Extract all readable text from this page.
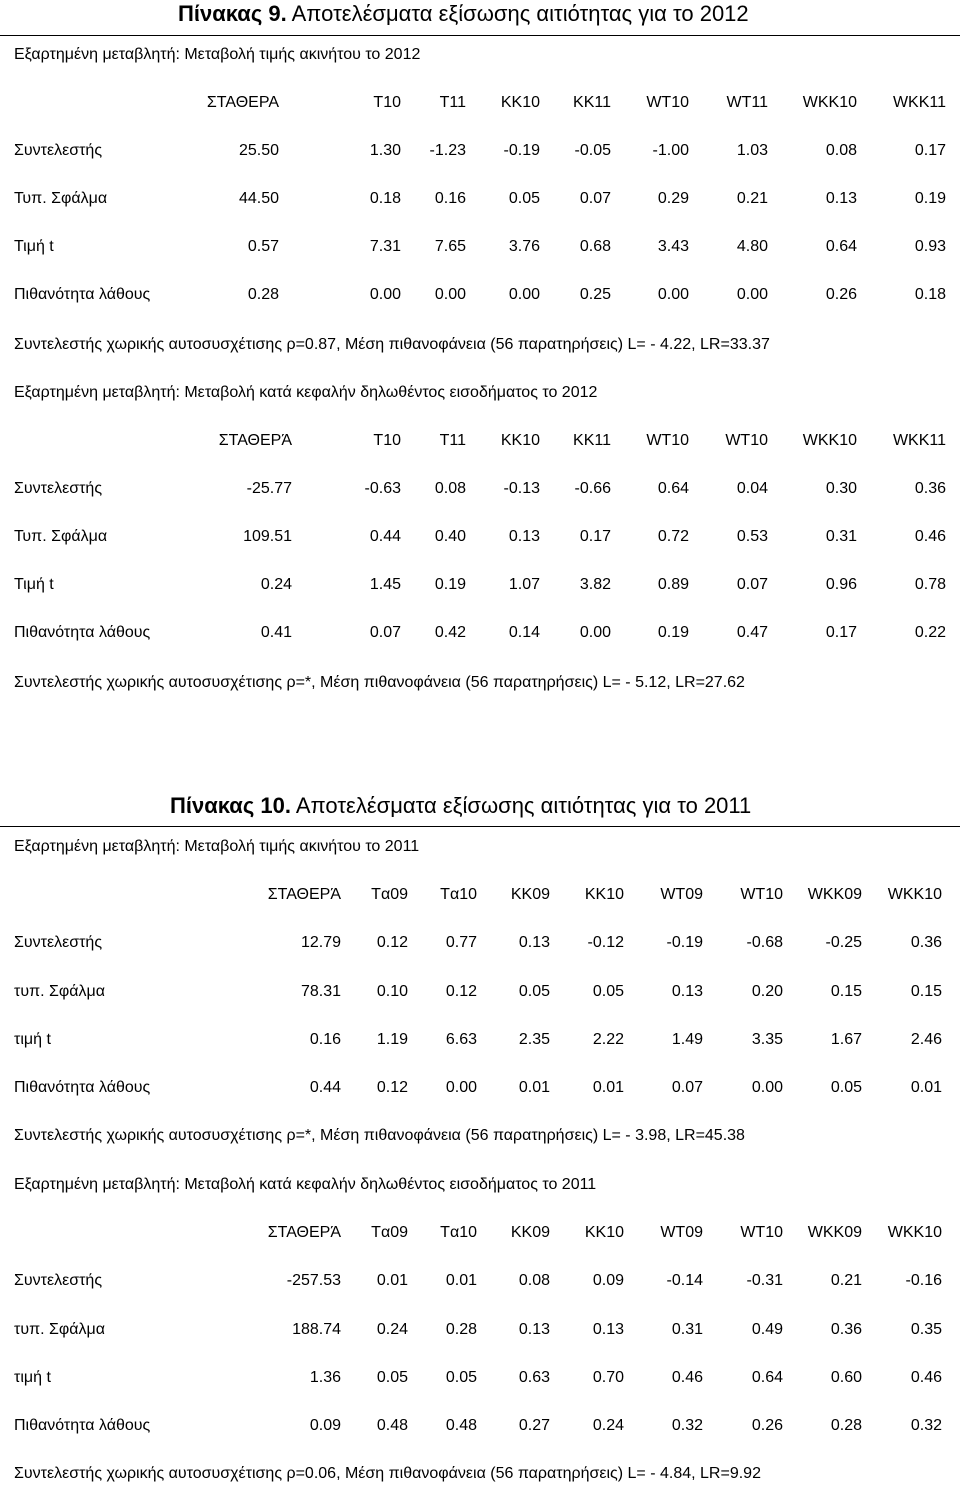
Πίνακας 9. Αποτελέσματα εξίσωσης αιτιότητας για το 2012
Εξαρτημένη μεταβλητή: Μεταβολή τιμής ακινήτου το 2012
ΣΤΑΘΕΡΑ	T10	T11	KK10	KK11	WT10	WT11	WKK10	WKK11
Συντελεστής	25.50	1.30	-1.23	-0.19	-0.05	-1.00	1.03	0.08	0.17
Τυπ. Σφάλμα	44.50	0.18	0.16	0.05	0.07	0.29	0.21	0.13	0.19
Τιμή t	0.57	7.31	7.65	3.76	0.68	3.43	4.80	0.64	0.93
Πιθανότητα λάθους	0.28	0.00	0.00	0.00	0.25	0.00	0.00	0.26	0.18
Συντελεστής χωρικής αυτοσυσχέτισης ρ=0.87, Μέση πιθανοφάνεια (56 παρατηρήσεις) L= - 4.22, LR=33.37
Εξαρτημένη μεταβλητή: Μεταβολή κατά κεφαλήν δηλωθέντος εισοδήματος το 2012
ΣΤΑΘΕΡΆ	T10	T11	KK10	KK11	WT10	WT10	WKK10	WKK11
Συντελεστής	-25.77	-0.63	0.08	-0.13	-0.66	0.64	0.04	0.30	0.36
Τυπ. Σφάλμα	109.51	0.44	0.40	0.13	0.17	0.72	0.53	0.31	0.46
Τιμή t	0.24	1.45	0.19	1.07	3.82	0.89	0.07	0.96	0.78
Πιθανότητα λάθους	0.41	0.07	0.42	0.14	0.00	0.19	0.47	0.17	0.22
Συντελεστής χωρικής αυτοσυσχέτισης ρ=*, Μέση πιθανοφάνεια (56 παρατηρήσεις) L= - 5.12, LR=27.62
Πίνακας 10. Αποτελέσματα εξίσωσης αιτιότητας για το 2011
Εξαρτημένη μεταβλητή: Μεταβολή τιμής ακινήτου το 2011
ΣΤΑΘΕΡΆ	Tα09	Tα10	KK09	KK10	WT09	WT10	WKK09	WKK10
Συντελεστής	12.79	0.12	0.77	0.13	-0.12	-0.19	-0.68	-0.25	0.36
τυπ. Σφάλμα	78.31	0.10	0.12	0.05	0.05	0.13	0.20	0.15	0.15
τιμή t	0.16	1.19	6.63	2.35	2.22	1.49	3.35	1.67	2.46
Πιθανότητα λάθους	0.44	0.12	0.00	0.01	0.01	0.07	0.00	0.05	0.01
Συντελεστής χωρικής αυτοσυσχέτισης ρ=*, Μέση πιθανοφάνεια (56 παρατηρήσεις) L= - 3.98, LR=45.38
Εξαρτημένη μεταβλητή: Μεταβολή κατά κεφαλήν δηλωθέντος εισοδήματος το 2011
ΣΤΑΘΕΡΆ	Tα09	Tα10	KK09	KK10	WT09	WT10	WKK09	WKK10
Συντελεστής	-257.53	0.01	0.01	0.08	0.09	-0.14	-0.31	0.21	-0.16
τυπ. Σφάλμα	188.74	0.24	0.28	0.13	0.13	0.31	0.49	0.36	0.35
τιμή t	1.36	0.05	0.05	0.63	0.70	0.46	0.64	0.60	0.46
Πιθανότητα λάθους	0.09	0.48	0.48	0.27	0.24	0.32	0.26	0.28	0.32
Συντελεστής χωρικής αυτοσυσχέτισης ρ=0.06, Μέση πιθανοφάνεια (56 παρατηρήσεις) L= - 4.84, LR=9.92
